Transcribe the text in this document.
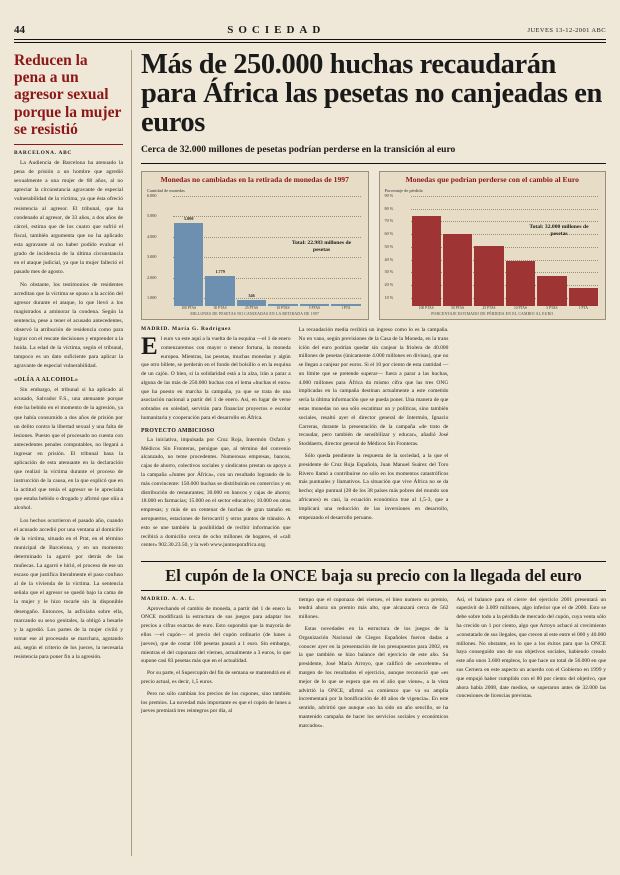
44	SOCIEDAD	JUEVES 13-12-2001 ABC
Reducen la pena a un agresor sexual porque la mujer se resistió
BARCELONA. ABC

La Audiencia de Barcelona ha atenuado la pena de prisión a un hombre que agredió sexualmente a una mujer de 68 años, al no apreciar la circunstancia agravante de especial vulnerabilidad de la víctima, ya que ésta ofreció resistencia al agresor. El tribunal, que ha condenado al agresor, de 33 años, a dos años de cárcel, estima que de los cuatro que sufrió el fiscal, también argumenta que no ha aplicado esta agravante al no haber podido evaluar el grado de incidencia de la última circunstancia en el ataque judicial, ya que la mujer falleció el pasado mes de agosto.

No obstante, los testimonios de residentes acreditan que la víctima se opuso a la acción del agresor durante el ataque, lo que llevó a los magistrados a aminorar la condena. Según la sentencia, pese a tener el acusado antecedentes, observó la atribución de residencia como para lograr con el rescate decisiones y emprender a la huida. La edad de la víctima, según el tribunal, tampoco es un dato suficiente para aplicar la agravante de especial vulnerabilidad.

«OLÍA A ALCOHOL»

Sin embargo, el tribunal sí ha aplicado al acusado, Salvador F.S., una atenuante porque éste ha bebido en el momento de la agresión, ya que había consumido a dos años de prisión por un delito contra la libertad sexual y una falta de lesiones. Puesto que el procesado no cuenta con antecedentes penales computables, no llegará a ingresar en prisión. El tribunal basa la aplicación de esta atenuante en la declaración que realizó la víctima durante el proceso de instrucción de la causa, en la que explicó que en la actitud que tenía el agresor se le apreciaba que estaba bebido o drogado y afirmó que olía a alcohol.

Los hechos ocurrieron el pasado año, cuando el acusado accedió por una ventana al domicilio de la víctima, situado en el Prat, en el término municipal de Barcelona, y en un momento determinado la agarró por detrás de las muñecas. La agarró e hirió, el proceso de ese un escaso que justifica literalmente el paso confuso al de la vivienda de la víctima. La sentencia señala que el agresor se quedó bajo la cama de la mujer y le hizo tocarle sin la disponible desengaño. Entonces, la asfixiaba sobre ella, marcando su sexo genitales, la obligó a besarle y la agredió. Los partes de la mujer civiló y tomar ese al procesado se marchara, agotando así, según el criterio de los jueces, la necesaria resistencia para poner fin a la agresión.

Más de 250.000 huchas recaudarán para África las pesetas no canjeadas en euros
Cerca de 32.000 millones de pesetas podrían perderse en la transición al euro
Monedas no cambiadas en la retirada de monedas de 1997
Cantidad de monedas
6.000
5.000
4.000
3.000
2.000
1.000
5.000
1.779
346
Total: 22.983 millones de pesetas
100 PTAS	50 PTAS	25 PTAS	10 PTAS	5 PTAS	1 PTA
MILLONES DE PESETAS NO CANJEADAS EN LA RETIRADA DE 1997
Monedas que podrían perderse con el cambio al Euro
Porcentaje de pérdida
90 %
80 %
70 %
60 %
50 %
40 %
30 %
20 %
10 %
Total: 32.000 millones de pesetas
100 PTAS	50 PTAS	25 PTAS	10 PTAS	5 PTAS	1 PTA
PORCENTAJE ESTIMADO DE PÉRDIDA EN EL CAMBIO AL EURO
MADRID. María G. Rodríguez

El euro va este aquí a la vuelta de la esquina —el 1 de enero comenzaremos con mayor o menor fortuna, la moneda europea. Mientras, las pesetas, muchas monedas y algún que otro billete, se perderán en el fondo del bolsillo o en la esquina de un cajón. O bien, si la solidaridad está a la alza, irán a parar a alguna de las más de 250.000 huchas con el lema «huchas el euro» que ha puesto en marcha la campaña, ya que se trata de una asociación nacional a partir del 1 de enero. Así, en lugar de verse sobrados en soledad, servirán para financiar proyectos e escolar humanitaria y cooperación para el desarrollo en África.

PROYECTO AMBICIOSO

La iniciativa, impulsada por Cruz Roja, Intermón Oxfam y Médicos Sin Fronteras, persigue que, al término del convenio alcanzado, no teme procedentes. Numerosas empresas, bancos, cajas de ahorro, colectivos sociales y sindicatos prestan su apoyo a la campaña «Juntes por África», con un resultado logrando de lo más convincente: 150.000 huchas se distribuirán en comercios y en distribución de restaurantes; 30.000 en bancos y cajas de ahorro; 18.000 en farmacias; 15.000 en el sector educativo; 10.000 en otras empresas; y más de un centenar de huchas de gran tamaño en aeropuertos, estaciones de ferrocarril y otros puntos de tránsito. A esto se une también la posibilidad de recibir información que recibirá a domicilio cerca de ocho millones de hogares, el «call center» 902.30.23.50, y la web www.juntosporafrica.org.

La recaudación media recibirá un ingreso como lo es la campaña. No en vano, según previsiones de la Casa de la Moneda, en la trans ición del euro podrían quedar sin canjear la friolera de 40.000 millones de pesetas (únicamente 4.000 millones en divisas), que no se llegan a canjear por euros. Si el 10 por ciento de esta cantidad —un límite que se pretende superar— fuera a parar a las huchas, 4.000 millones para África da mismo cifra que las tres ONG implicadas en la campaña destinan actualmente a este cometido sería la última información que se pueda poner. Una manera de que estas monedas no sea sólo escatimar un y políticas, sino también sociales, resaltó ayer el director general de Intermón, Ignacio Carreras, durante la presentación de la campaña «de trato de recaudar, pero también de sensibilizar y educar», añadió José Stoddaerts, director general de Médicos Sin Fronteras.

Sólo queda pendiente la respuesta de la sociedad, a la que el presidente de Cruz Roja Española, Juan Manuel Suárez del Toro Rivero llamó a contribuirse no sólo en los momentos catastróficos más puntuales y llamativos. La situación que vive África no se da hecho; algo puntual (28 de los 38 países más pobres del mundo son africanos) es casi, la ecuación económica trae al 1,5-3, que a implicará una reducción de las inversiones en desarrollo, empezando el desarrollo peruano.

El cupón de la ONCE baja su precio con la llegada del euro
MADRID. A. A. L.

Aprovechando el cambio de moneda, a partir del 1 de enero la ONCE modificará la estructura de sus juegos para adaptar los precios a cifras exactas de euro. Esto supondrá que la mayoría de ellos —el cupón— el precio del cupón ordinario (de lunes a jueves), que de costar 100 pesetas pasará a 1 euro. Sin embargo, mientras el del cuponazo del viernes, actualmente a 3 euros, lo que supone casi 83 pesetas más que en el actualidad.

Por su parte, el Supercupón del fin de semana se mantendrá en el precio actual, es decir, 1,5 euros.

Pero no sólo cambian los precios de los cupones, sino también los premios. La novedad más importante es que el cupón de lunes a jueves premiará tres reintegros por día, al

tiempo que el cuponazo del viernes, el bien numero su premio, tendrá ahora un premio más alto, que alcanzará cerca de 562 millones.

Estas novedades en la estructura de los juegos de la Organización Nacional de Ciegos Españoles fueron dadas a conocer ayer en la presentación de los presupuestos para 2002, en la que también se hizo balance del ejercicio de este año. Su presidente, José María Arroyo, que calificó de «excelente» el margen de los resultados el ejercicio, aunque reconoció que «es mejor de lo que se espera que en el año que viene», a la vista advirtió la ONCE, afirmó «a comienzo que va su amplia incrementará por la bonificación de 40 años de vigencia». En este sentido, advirtió que aunque «no ha sido un año sencillo, se ha mantenido campaña de hacer los servicios sociales y económicos marcados».

Así, el balance para el cierre del ejercicio 2001 presentará un superávit de 3.009 millones, algo inferior que el de 2000. Esto se debe sobre todo a la pérdida de mercado del cupón, cuya venta sólo ha crecido un 1 por ciento, algo que Arroyo achacó al crecimiento «constatado de sus ilegales, que crecen al este entre el 000 y 40.000 millones. No obstante, en lo que a los éxitos para que la ONCE haya conseguido uno de sus objetivos sociales, habiendo creado este año unos 3.600 empleos, lo que hace un total de 56.000 en que sus Cernera en este aspecto un acuerdo con el Gobierno en 1999 y que empujó haber cumplido con el 80 por ciento del objetivo, que ahora había 2008, date medios, se superaron antes de 32.000 las concesiones de licencias previstas.
